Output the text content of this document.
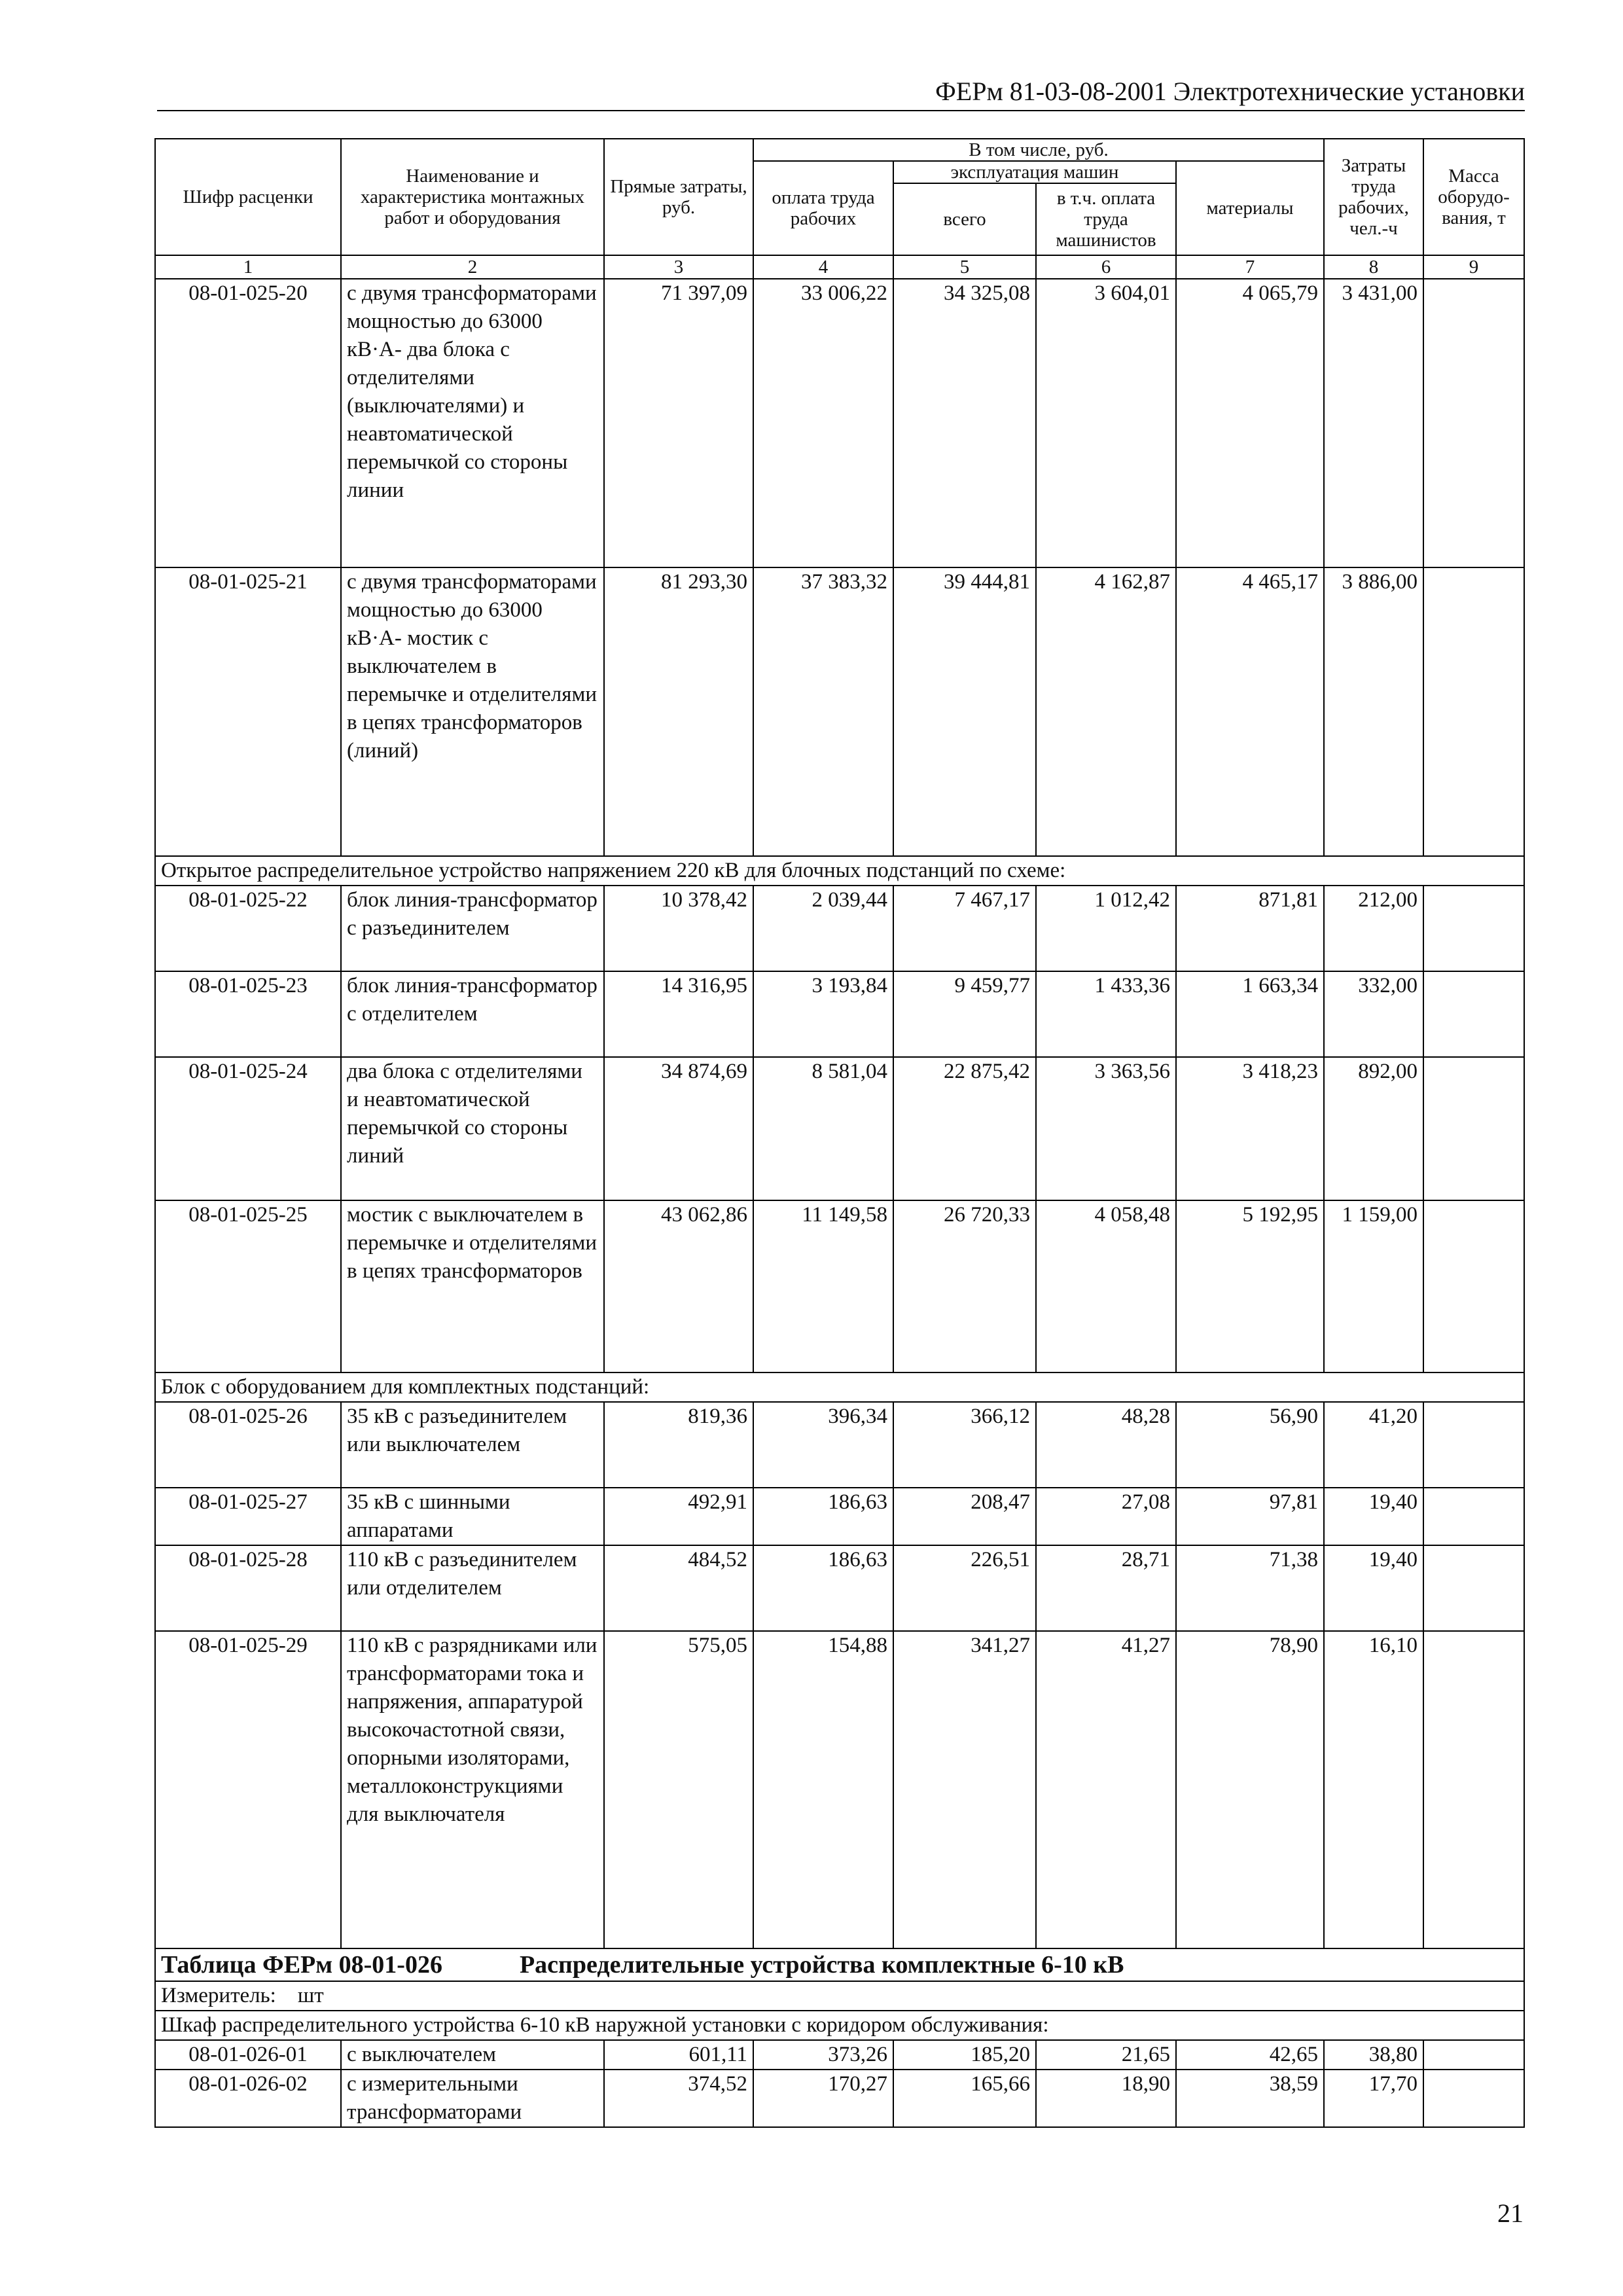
ФЕРм 81-03-08-2001 Электротехнические установки
Шифр расценки	Наименование и характеристика монтажных работ и оборудования	Прямые затраты, руб.	В том числе, руб.				Затраты труда рабочих, чел.-ч	Масса оборудо-вания, т
			оплата труда рабочих	эксплуатация машин		материалы		
				всего	в т.ч. оплата труда машинистов			
1	2	3	4	5	6	7	8	9
08-01-025-20	с двумя трансформаторами мощностью до 63000 кВ·А- два блока с отделителями (выключателями) и неавтоматической перемычкой со стороны линии	71 397,09	33 006,22	34 325,08	3 604,01	4 065,79	3 431,00	
08-01-025-21	с двумя трансформаторами мощностью до 63000 кВ·А- мостик с выключателем в перемычке и отделителями в цепях трансформаторов (линий)	81 293,30	37 383,32	39 444,81	4 162,87	4 465,17	3 886,00	
Открытое распределительное устройство напряжением 220 кВ для блочных подстанций по схеме:								
08-01-025-22	блок линия-трансформатор с разъединителем	10 378,42	2 039,44	7 467,17	1 012,42	871,81	212,00	
08-01-025-23	блок линия-трансформатор с отделителем	14 316,95	3 193,84	9 459,77	1 433,36	1 663,34	332,00	
08-01-025-24	два блока с отделителями и неавтоматической перемычкой со стороны линий	34 874,69	8 581,04	22 875,42	3 363,56	3 418,23	892,00	
08-01-025-25	мостик с выключателем в перемычке и отделителями в цепях трансформаторов	43 062,86	11 149,58	26 720,33	4 058,48	5 192,95	1 159,00	
Блок с оборудованием для комплектных подстанций:								
08-01-025-26	35 кВ с разъединителем или выключателем	819,36	396,34	366,12	48,28	56,90	41,20	
08-01-025-27	35 кВ с шинными аппаратами	492,91	186,63	208,47	27,08	97,81	19,40	
08-01-025-28	110 кВ с разъединителем или отделителем	484,52	186,63	226,51	28,71	71,38	19,40	
08-01-025-29	110 кВ с разрядниками или трансформаторами тока и напряжения, аппаратурой высокочастотной связи, опорными изоляторами, металлоконструкциями для выключателя	575,05	154,88	341,27	41,27	78,90	16,10	
Таблица ФЕРм 08-01-026 Распределительные устройства комплектные 6-10 кВ								
Измеритель: шт								
Шкаф распределительного устройства 6-10 кВ наружной установки с коридором обслуживания:								
08-01-026-01	с выключателем	601,11	373,26	185,20	21,65	42,65	38,80	
08-01-026-02	с измерительными трансформаторами	374,52	170,27	165,66	18,90	38,59	17,70	
21
